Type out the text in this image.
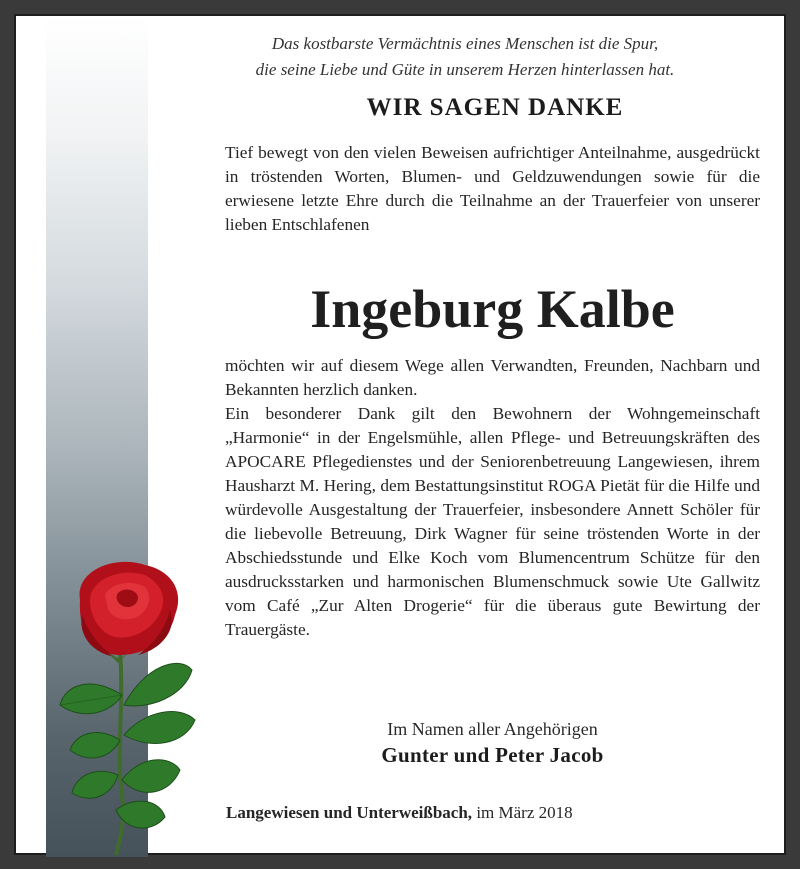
Das kostbarste Vermächtnis eines Menschen ist die Spur,
die seine Liebe und Güte in unserem Herzen hinterlassen hat.
WIR SAGEN DANKE
Tief bewegt von den vielen Beweisen aufrichtiger Anteilnahme, ausgedrückt in tröstenden Worten, Blumen- und Geldzuwendungen sowie für die erwiesene letzte Ehre durch die Teilnahme an der Trauerfeier von unserer lieben Entschlafenen
Ingeburg Kalbe
möchten wir auf diesem Wege allen Verwandten, Freunden, Nachbarn und Bekannten herzlich danken.
Ein besonderer Dank gilt den Bewohnern der Wohngemeinschaft „Harmonie“ in der Engelsmühle, allen Pflege- und Betreuungskräften des APOCARE Pflegedienstes und der Seniorenbetreuung Langewiesen, ihrem Hausharzt M. Hering, dem Bestattungsinstitut ROGA Pietät für die Hilfe und würdevolle Ausgestaltung der Trauerfeier, insbesondere Annett Schöler für die liebevolle Betreuung, Dirk Wagner für seine tröstenden Worte in der Abschiedsstunde und Elke Koch vom Blumencentrum Schütze für den ausdrucksstarken und harmonischen Blumenschmuck sowie Ute Gallwitz vom Café „Zur Alten Drogerie“ für die überaus gute Bewirtung der Trauergäste.
Im Namen aller Angehörigen
Gunter und Peter Jacob
Langewiesen und Unterweißbach, im März 2018
